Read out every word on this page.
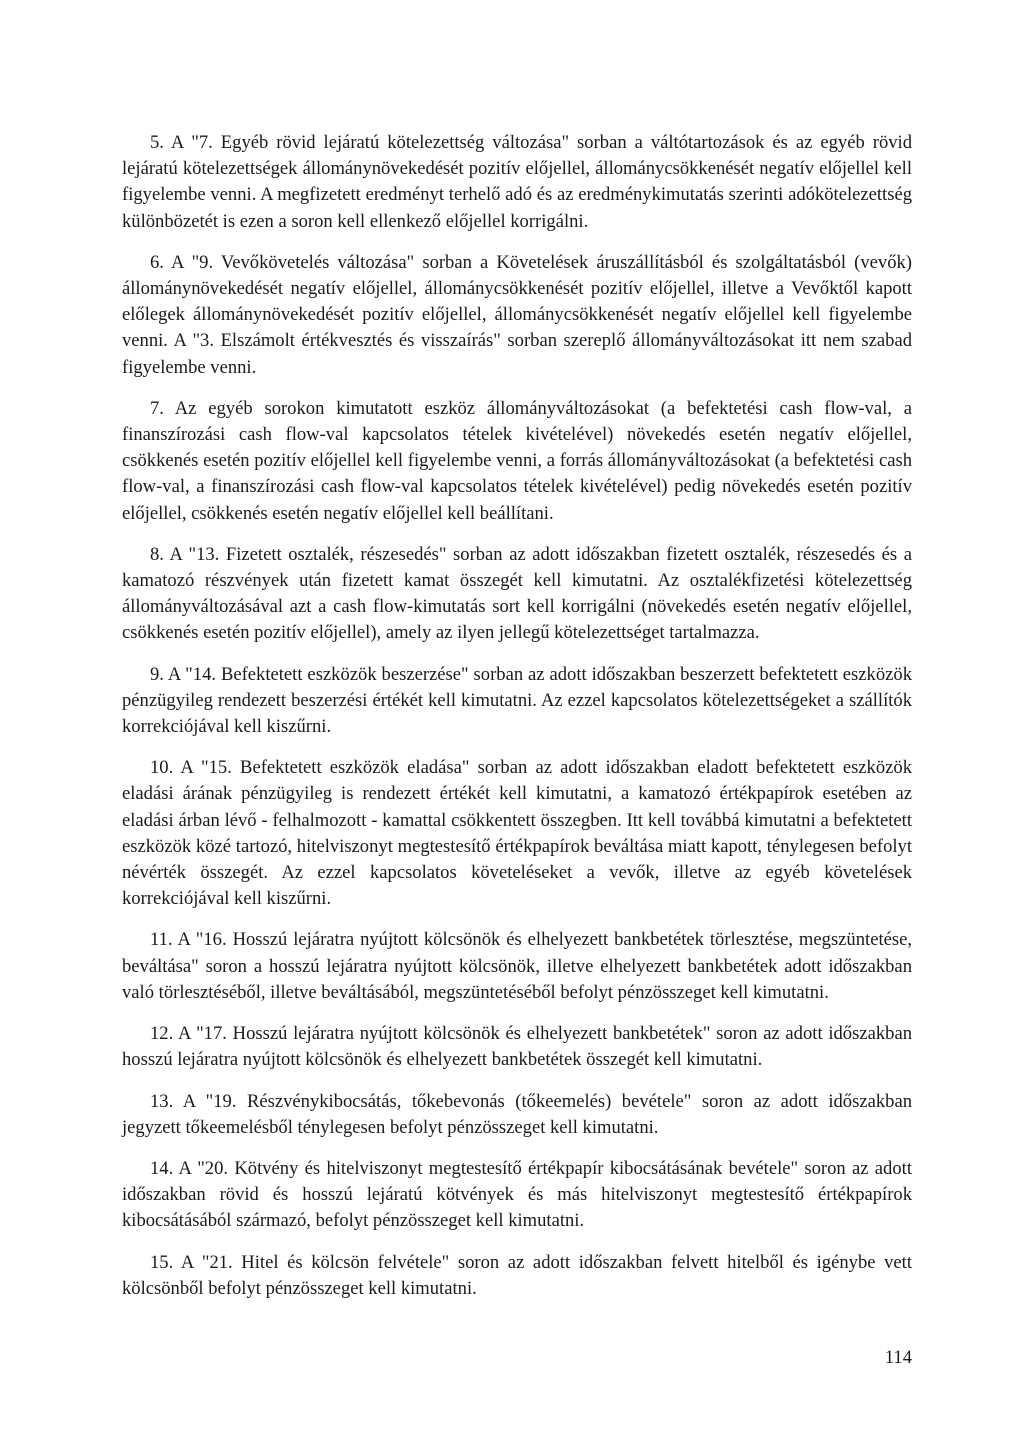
5. A "7. Egyéb rövid lejáratú kötelezettség változása" sorban a váltótartozások és az egyéb rövid lejáratú kötelezettségek állománynövekedését pozitív előjellel, állománycsökkenését negatív előjellel kell figyelembe venni. A megfizetett eredményt terhelő adó és az eredménykimutatás szerinti adókötelezettség különbözetét is ezen a soron kell ellenkező előjellel korrigálni.

6. A "9. Vevőkövetelés változása" sorban a Követelések áruszállításból és szolgáltatásból (vevők) állománynövekedését negatív előjellel, állománycsökkenését pozitív előjellel, illetve a Vevőktől kapott előlegek állománynövekedését pozitív előjellel, állománycsökkenését negatív előjellel kell figyelembe venni. A "3. Elszámolt értékvesztés és visszaírás" sorban szereplő állományváltozásokat itt nem szabad figyelembe venni.

7. Az egyéb sorokon kimutatott eszköz állományváltozásokat (a befektetési cash flow-val, a finanszírozási cash flow-val kapcsolatos tételek kivételével) növekedés esetén negatív előjellel, csökkenés esetén pozitív előjellel kell figyelembe venni, a forrás állományváltozásokat (a befektetési cash flow-val, a finanszírozási cash flow-val kapcsolatos tételek kivételével) pedig növekedés esetén pozitív előjellel, csökkenés esetén negatív előjellel kell beállítani.

8. A "13. Fizetett osztalék, részesedés" sorban az adott időszakban fizetett osztalék, részesedés és a kamatozó részvények után fizetett kamat összegét kell kimutatni. Az osztalékfizetési kötelezettség állományváltozásával azt a cash flow-kimutatás sort kell korrigálni (növekedés esetén negatív előjellel, csökkenés esetén pozitív előjellel), amely az ilyen jellegű kötelezettséget tartalmazza.

9. A "14. Befektetett eszközök beszerzése" sorban az adott időszakban beszerzett befektetett eszközök pénzügyileg rendezett beszerzési értékét kell kimutatni. Az ezzel kapcsolatos kötelezettségeket a szállítók korrekciójával kell kiszűrni.

10. A "15. Befektetett eszközök eladása" sorban az adott időszakban eladott befektetett eszközök eladási árának pénzügyileg is rendezett értékét kell kimutatni, a kamatozó értékpapírok esetében az eladási árban lévő - felhalmozott - kamattal csökkentett összegben. Itt kell továbbá kimutatni a befektetett eszközök közé tartozó, hitelviszonyt megtestesítő értékpapírok beváltása miatt kapott, ténylegesen befolyt névérték összegét. Az ezzel kapcsolatos követeléseket a vevők, illetve az egyéb követelések korrekciójával kell kiszűrni.

11. A "16. Hosszú lejáratra nyújtott kölcsönök és elhelyezett bankbetétek törlesztése, megszüntetése, beváltása" soron a hosszú lejáratra nyújtott kölcsönök, illetve elhelyezett bankbetétek adott időszakban való törlesztéséből, illetve beváltásából, megszüntetéséből befolyt pénzösszeget kell kimutatni.

12. A "17. Hosszú lejáratra nyújtott kölcsönök és elhelyezett bankbetétek" soron az adott időszakban hosszú lejáratra nyújtott kölcsönök és elhelyezett bankbetétek összegét kell kimutatni.

13. A "19. Részvénykibocsátás, tőkebevonás (tőkeemelés) bevétele" soron az adott időszakban jegyzett tőkeemelésből ténylegesen befolyt pénzösszeget kell kimutatni.

14. A "20. Kötvény és hitelviszonyt megtestesítő értékpapír kibocsátásának bevétele" soron az adott időszakban rövid és hosszú lejáratú kötvények és más hitelviszonyt megtestesítő értékpapírok kibocsátásából származó, befolyt pénzösszeget kell kimutatni.

15. A "21. Hitel és kölcsön felvétele" soron az adott időszakban felvett hitelből és igénybe vett kölcsönből befolyt pénzösszeget kell kimutatni.

114
